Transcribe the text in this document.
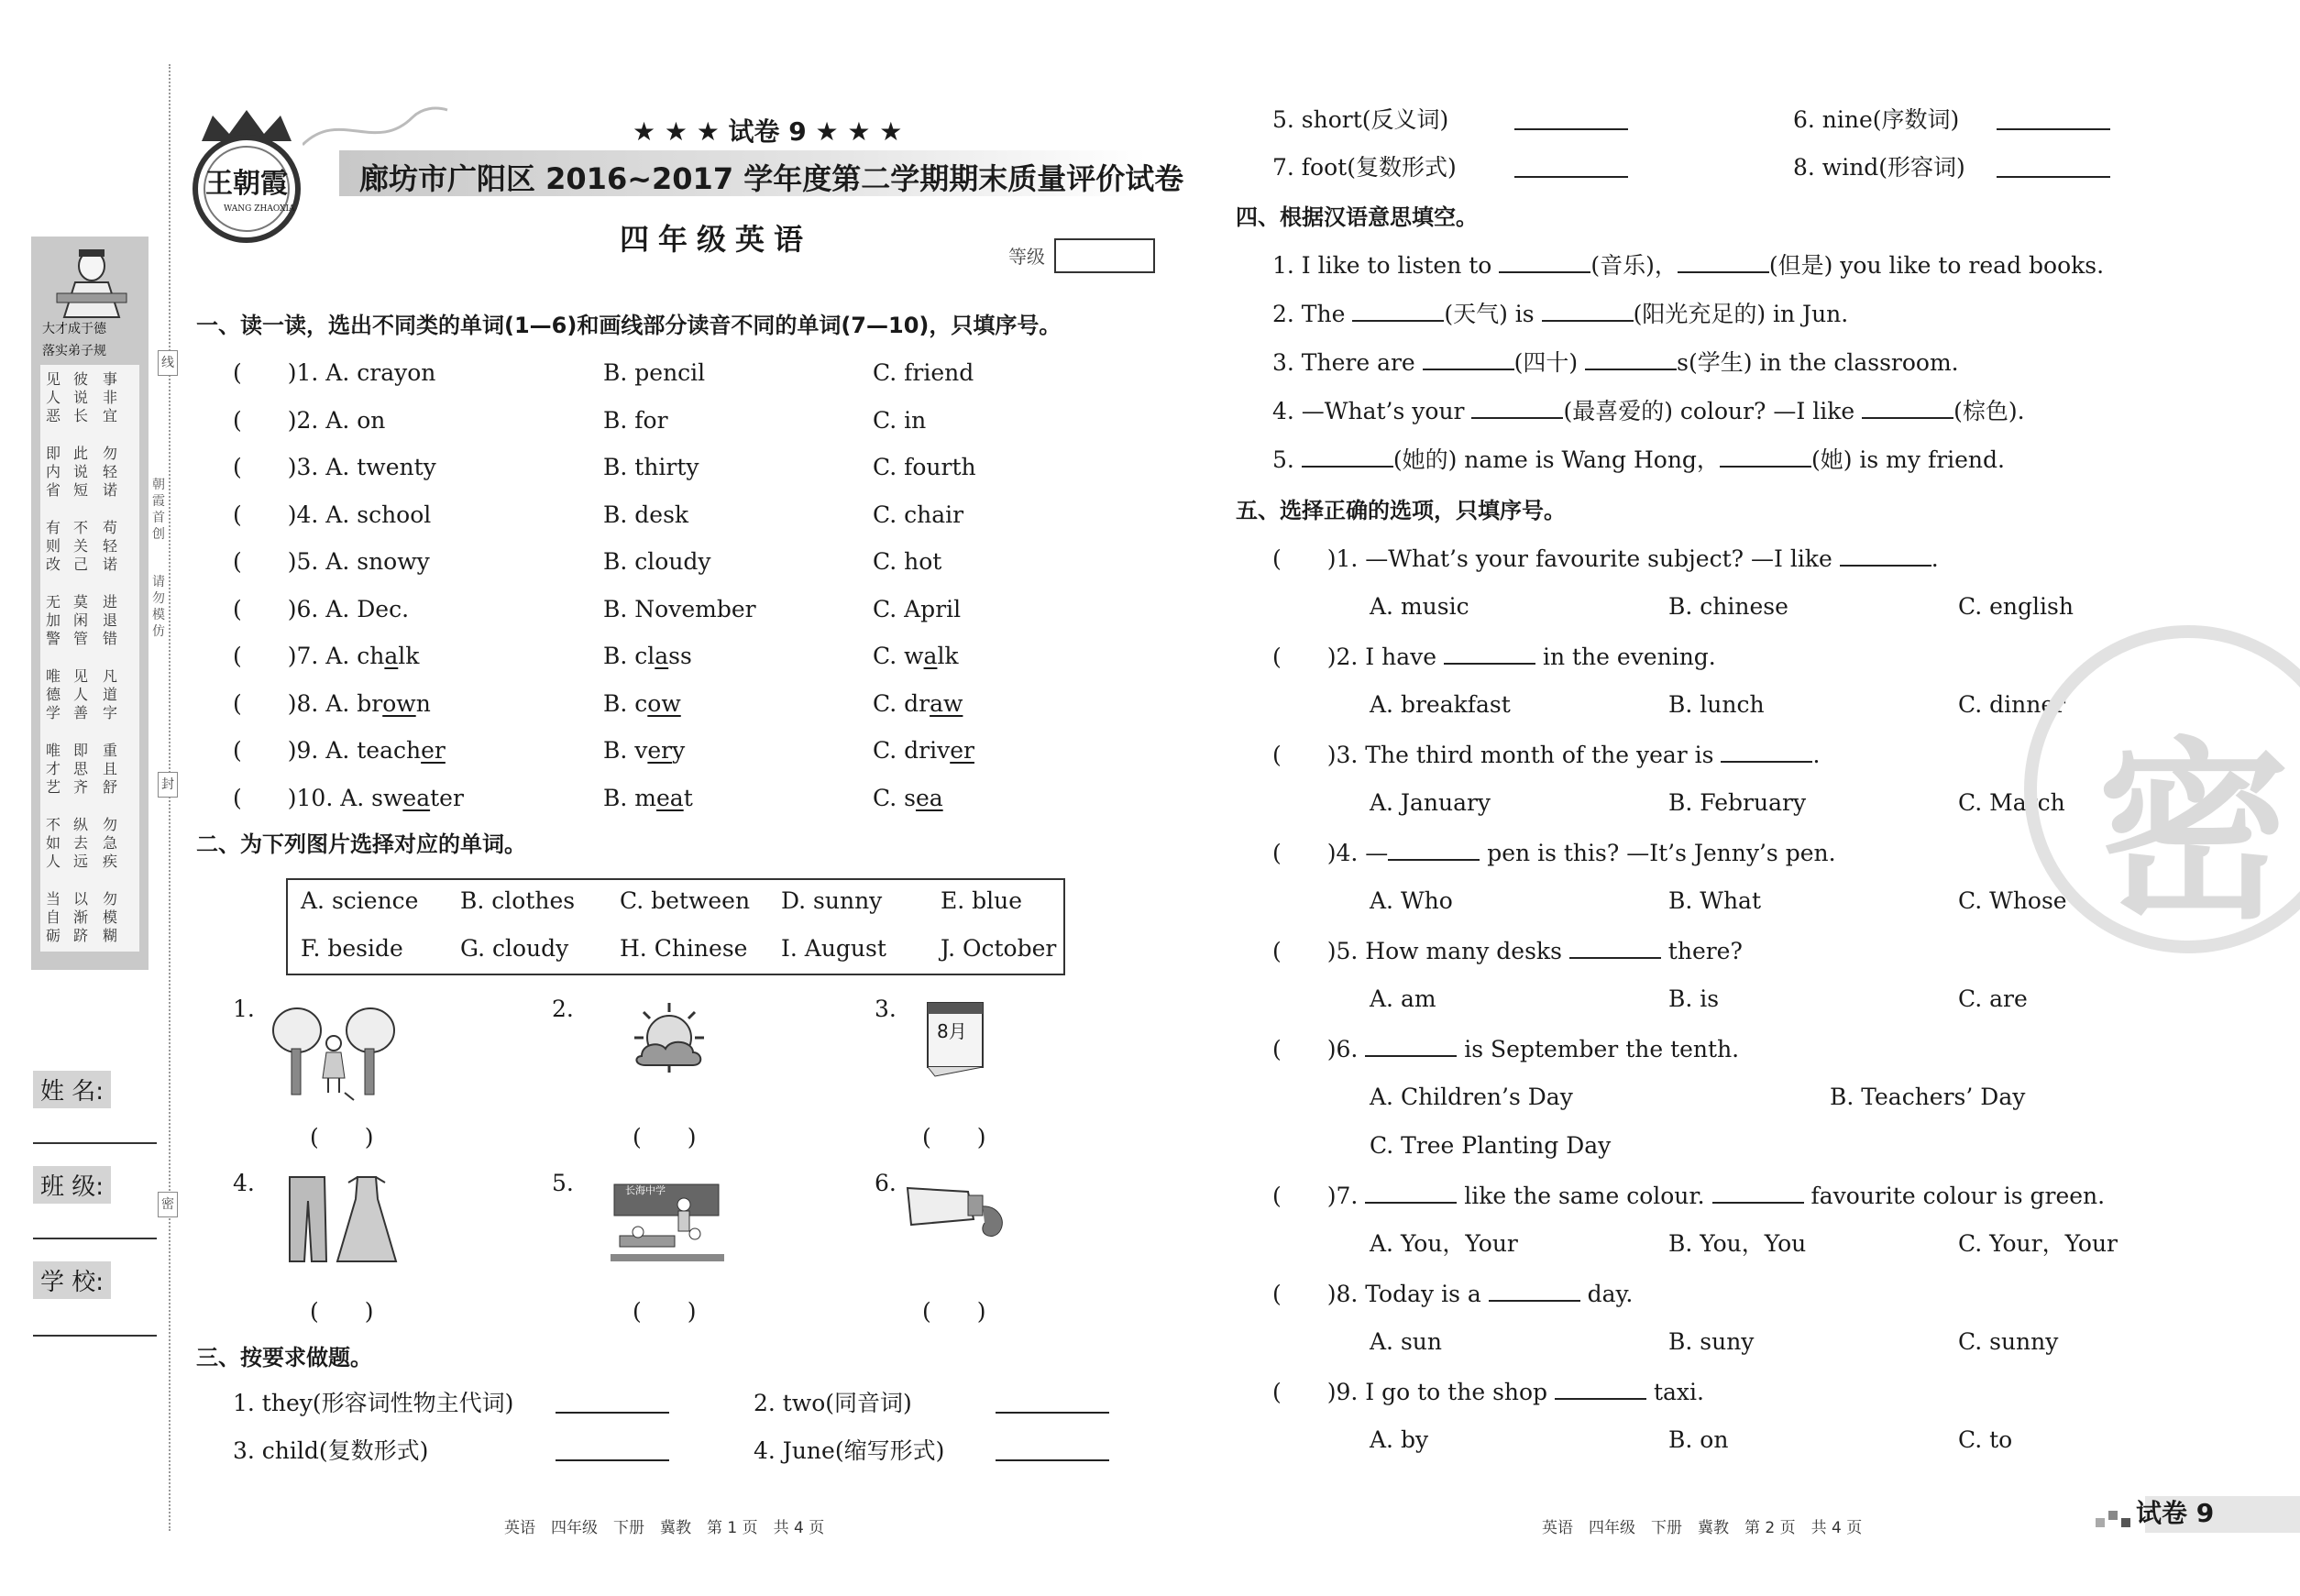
大才成于德
落实弟子规
见人恶
彼说长
事非宜
即内省
此说短
勿轻诺
有则改
不关己
苟轻诺
无加警
莫闲管
进退错
唯德学
见人善
凡道字
唯才艺
即思齐
重且舒
不如人
纵去远
勿急疾
当自砺
以渐跻
勿模糊
姓 名:
班 级:
学 校:
线
朝霞首创
请勿模仿
封
密
王朝霞
WANG ZHAOXIA
★ ★ ★ 试卷 9 ★ ★ ★
廊坊市广阳区 2016~2017 学年度第二学期期末质量评价试卷
四年级英语	等级
一、读一读，选出不同类的单词(1—6)和画线部分读音不同的单词(7—10)，只填序号。
(　　)1. A. crayon	B. pencil	C. friend
(　　)2. A. on	B. for	C. in
(　　)3. A. twenty	B. thirty	C. fourth
(　　)4. A. school	B. desk	C. chair
(　　)5. A. snowy	B. cloudy	C. hot
(　　)6. A. Dec.	B. November	C. April
(　　)7. A. chalk	B. class	C. walk
(　　)8. A. brown	B. cow	C. draw
(　　)9. A. teacher	B. very	C. driver
(　　)10. A. sweater	B. meat	C. sea
二、为下列图片选择对应的单词。
A. science B. clothes C. between D. sunny	E. blue
F. beside G. cloudy H. Chinese I. August J. October
1.
(　　)
2.
(　　)
3.
8月
(　　)
4.
(　　)
5.	长海中学
(　　)
6.
(　　)
三、按要求做题。
1. they(形容词性物主代词)	2. two(同音词)
3. child(复数形式)	4. June(缩写形式)
英语　四年级　下册　冀教　第 1 页　共 4 页
5. short(反义词)	6. nine(序数词)
7. foot(复数形式)	8. wind(形容词)
四、根据汉语意思填空。
1. I like to listen to	(音乐)，	(但是) you like to read books.
2. The	(天气) is	(阳光充足的) in Jun.
3. There are	(四十)	s(学生) in the classroom.
4. —What’s your	(最喜爱的) colour? —I like	(棕色).
5.	(她的) name is Wang Hong，	(她) is my friend.
五、选择正确的选项，只填序号。
(　　)1. —What’s your favourite subject? —I like	.
A. music	B. chinese	C. english
(　　)2. I have	in the evening.
A. breakfast	B. lunch	C. dinner
(　　)3. The third month of the year is	.
A. January	B. February	C. March
(　　)4. —	pen is this? —It’s Jenny’s pen.
A. Who	B. What	C. Whose
(　　)5. How many desks	there?
A. am	B. is	C. are
(　　)6.	is September the tenth.
A. Children’s Day	B. Teachers’ Day
C. Tree Planting Day
(　　)7.	like the same colour.	favourite colour is green.
A. You，Your	B. You，You	C. Your，Your
(　　)8. Today is a	day.
A. sun	B. suny	C. sunny
(　　)9. I go to the shop	taxi.
A. by	B. on	C. to
密
英语　四年级　下册　冀教　第 2 页　共 4 页	试卷 9
